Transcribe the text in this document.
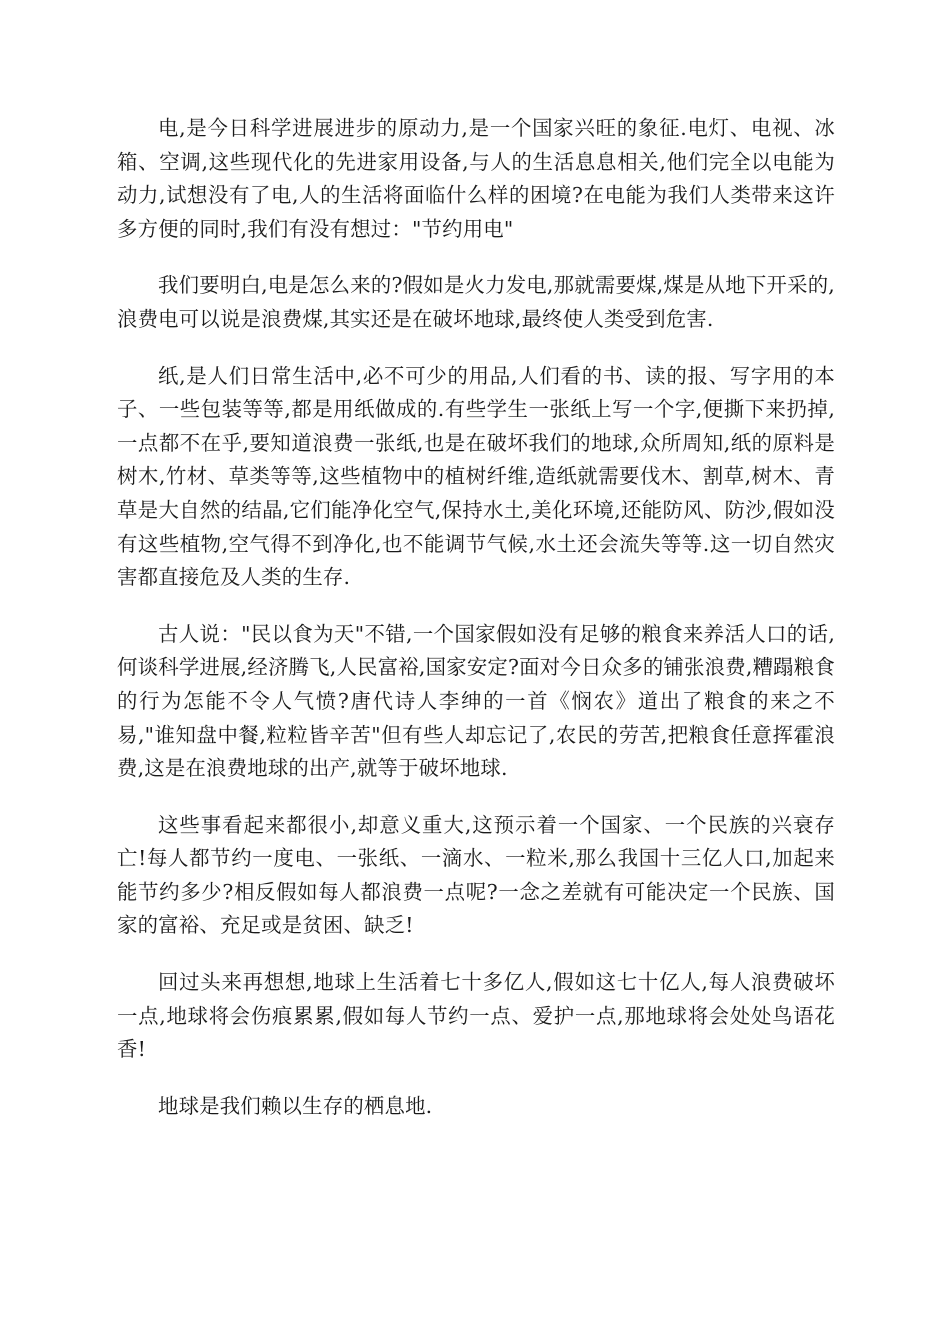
电,是今日科学进展进步的原动力,是一个国家兴旺的象征.电灯、电视、冰箱、空调,这些现代化的先进家用设备,与人的生活息息相关,他们完全以电能为动力,试想没有了电,人的生活将面临什么样的困境?在电能为我们人类带来这许多方便的同时,我们有没有想过："节约用电"

我们要明白,电是怎么来的?假如是火力发电,那就需要煤,煤是从地下开采的,浪费电可以说是浪费煤,其实还是在破坏地球,最终使人类受到危害.

纸,是人们日常生活中,必不可少的用品,人们看的书、读的报、写字用的本子、一些包装等等,都是用纸做成的.有些学生一张纸上写一个字,便撕下来扔掉,一点都不在乎,要知道浪费一张纸,也是在破坏我们的地球,众所周知,纸的原料是树木,竹材、草类等等,这些植物中的植树纤维,造纸就需要伐木、割草,树木、青草是大自然的结晶,它们能净化空气,保持水土,美化环境,还能防风、防沙,假如没有这些植物,空气得不到净化,也不能调节气候,水土还会流失等等.这一切自然灾害都直接危及人类的生存.

古人说："民以食为天"不错,一个国家假如没有足够的粮食来养活人口的话,何谈科学进展,经济腾飞,人民富裕,国家安定?面对今日众多的铺张浪费,糟蹋粮食的行为怎能不令人气愤?唐代诗人李绅的一首《悯农》道出了粮食的来之不易,"谁知盘中餐,粒粒皆辛苦"但有些人却忘记了,农民的劳苦,把粮食任意挥霍浪费,这是在浪费地球的出产,就等于破坏地球.

这些事看起来都很小,却意义重大,这预示着一个国家、一个民族的兴衰存亡!每人都节约一度电、一张纸、一滴水、一粒米,那么我国十三亿人口,加起来能节约多少?相反假如每人都浪费一点呢?一念之差就有可能决定一个民族、国家的富裕、充足或是贫困、缺乏!

回过头来再想想,地球上生活着七十多亿人,假如这七十亿人,每人浪费破坏一点,地球将会伤痕累累,假如每人节约一点、爱护一点,那地球将会处处鸟语花香!

地球是我们赖以生存的栖息地.
